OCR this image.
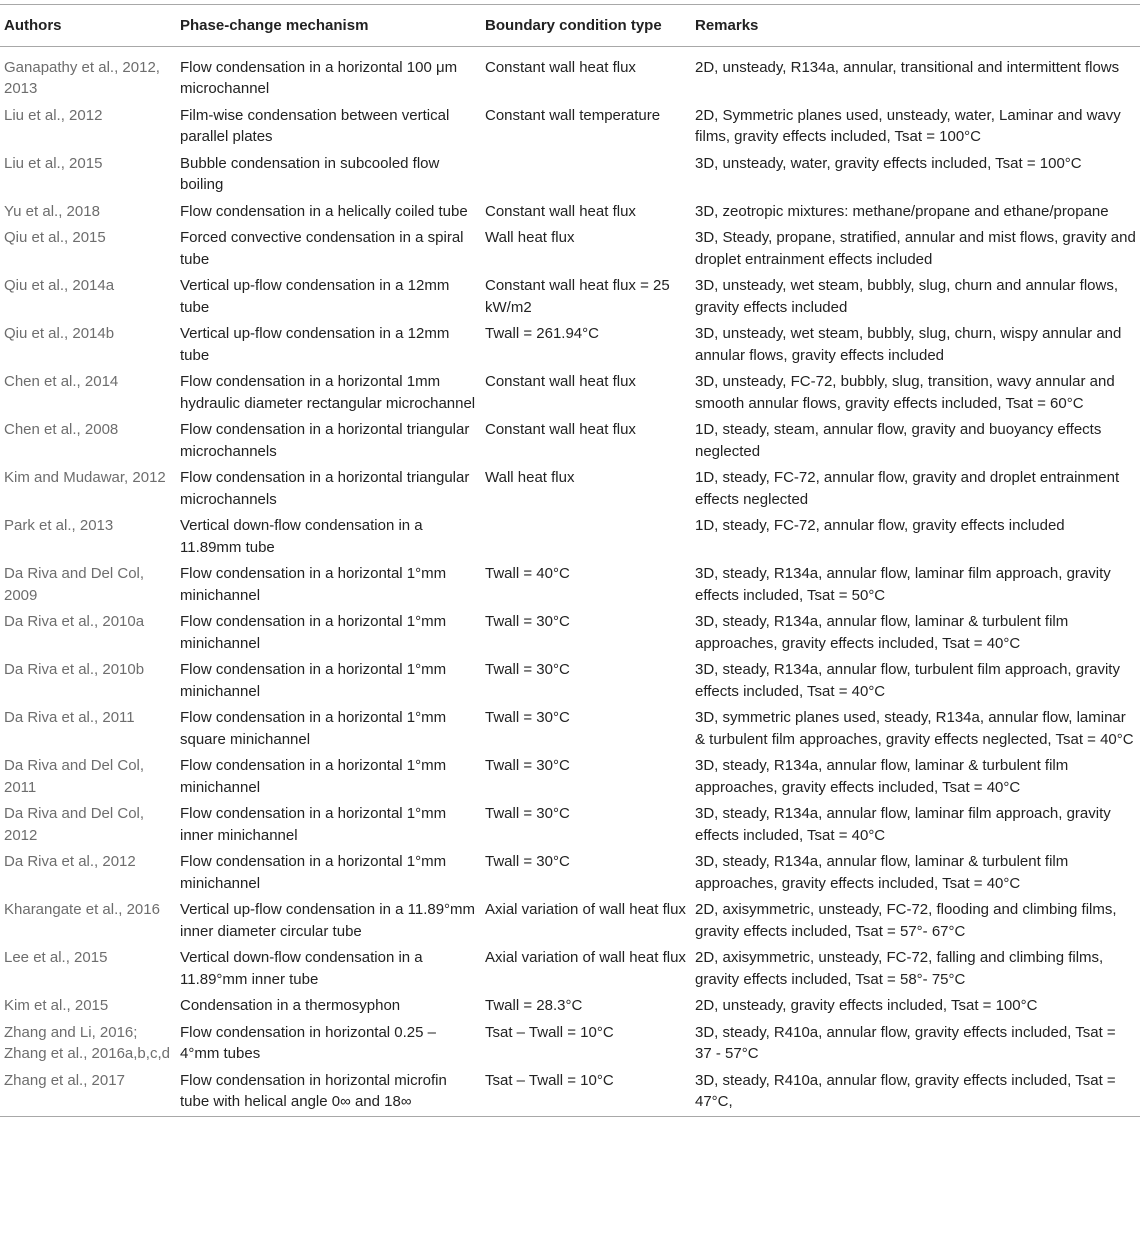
Authors	Phase-change mechanism	Boundary condition type	Remarks
Ganapathy et al., 2012, 2013	Flow condensation in a horizontal 100 μm microchannel	Constant wall heat flux	2D, unsteady, R134a, annular, transitional and intermittent flows
Liu et al., 2012	Film-wise condensation between vertical parallel plates	Constant wall temperature	2D, Symmetric planes used, unsteady, water, Laminar and wavy films, gravity effects included, Tsat = 100°C
Liu et al., 2015	Bubble condensation in subcooled flow boiling		3D, unsteady, water, gravity effects included, Tsat = 100°C
Yu et al., 2018	Flow condensation in a helically coiled tube	Constant wall heat flux	3D, zeotropic mixtures: methane/propane and ethane/propane
Qiu et al., 2015	Forced convective condensation in a spiral tube	Wall heat flux	3D, Steady, propane, stratified, annular and mist flows, gravity and droplet entrainment effects included
Qiu et al., 2014a	Vertical up-flow condensation in a 12mm tube	Constant wall heat flux = 25 kW/m2	3D, unsteady, wet steam, bubbly, slug, churn and annular flows, gravity effects included
Qiu et al., 2014b	Vertical up-flow condensation in a 12mm tube	Twall = 261.94°C	3D, unsteady, wet steam, bubbly, slug, churn, wispy annular and annular flows, gravity effects included
Chen et al., 2014	Flow condensation in a horizontal 1mm hydraulic diameter rectangular microchannel	Constant wall heat flux	3D, unsteady, FC-72, bubbly, slug, transition, wavy annular and smooth annular flows, gravity effects included, Tsat = 60°C
Chen et al., 2008	Flow condensation in a horizontal triangular microchannels	Constant wall heat flux	1D, steady, steam, annular flow, gravity and buoyancy effects neglected
Kim and Mudawar, 2012	Flow condensation in a horizontal triangular microchannels	Wall heat flux	1D, steady, FC-72, annular flow, gravity and droplet entrainment effects neglected
Park et al., 2013	Vertical down-flow condensation in a 11.89mm tube		1D, steady, FC-72, annular flow, gravity effects included
Da Riva and Del Col, 2009	Flow condensation in a horizontal 1°mm minichannel	Twall = 40°C	3D, steady, R134a, annular flow, laminar film approach, gravity effects included, Tsat = 50°C
Da Riva et al., 2010a	Flow condensation in a horizontal 1°mm minichannel	Twall = 30°C	3D, steady, R134a, annular flow, laminar & turbulent film approaches, gravity effects included, Tsat = 40°C
Da Riva et al., 2010b	Flow condensation in a horizontal 1°mm minichannel	Twall = 30°C	3D, steady, R134a, annular flow, turbulent film approach, gravity effects included, Tsat = 40°C
Da Riva et al., 2011	Flow condensation in a horizontal 1°mm square minichannel	Twall = 30°C	3D, symmetric planes used, steady, R134a, annular flow, laminar & turbulent film approaches, gravity effects neglected, Tsat = 40°C
Da Riva and Del Col, 2011	Flow condensation in a horizontal 1°mm minichannel	Twall = 30°C	3D, steady, R134a, annular flow, laminar & turbulent film approaches, gravity effects included, Tsat = 40°C
Da Riva and Del Col, 2012	Flow condensation in a horizontal 1°mm inner minichannel	Twall = 30°C	3D, steady, R134a, annular flow, laminar film approach, gravity effects included, Tsat = 40°C
Da Riva et al., 2012	Flow condensation in a horizontal 1°mm minichannel	Twall = 30°C	3D, steady, R134a, annular flow, laminar & turbulent film approaches, gravity effects included, Tsat = 40°C
Kharangate et al., 2016	Vertical up-flow condensation in a 11.89°mm inner diameter circular tube	Axial variation of wall heat flux	2D, axisymmetric, unsteady, FC-72, flooding and climbing films, gravity effects included, Tsat = 57°- 67°C
Lee et al., 2015	Vertical down-flow condensation in a 11.89°mm inner tube	Axial variation of wall heat flux	2D, axisymmetric, unsteady, FC-72, falling and climbing films, gravity effects included, Tsat = 58°- 75°C
Kim et al., 2015	Condensation in a thermosyphon	Twall = 28.3°C	2D, unsteady, gravity effects included, Tsat = 100°C
Zhang and Li, 2016; Zhang et al., 2016a,b,c,d	Flow condensation in horizontal 0.25 – 4°mm tubes	Tsat – Twall = 10°C	3D, steady, R410a, annular flow, gravity effects included, Tsat = 37 - 57°C
Zhang et al., 2017	Flow condensation in horizontal microfin tube with helical angle 0∞ and 18∞	Tsat – Twall = 10°C	3D, steady, R410a, annular flow, gravity effects included, Tsat = 47°C,
